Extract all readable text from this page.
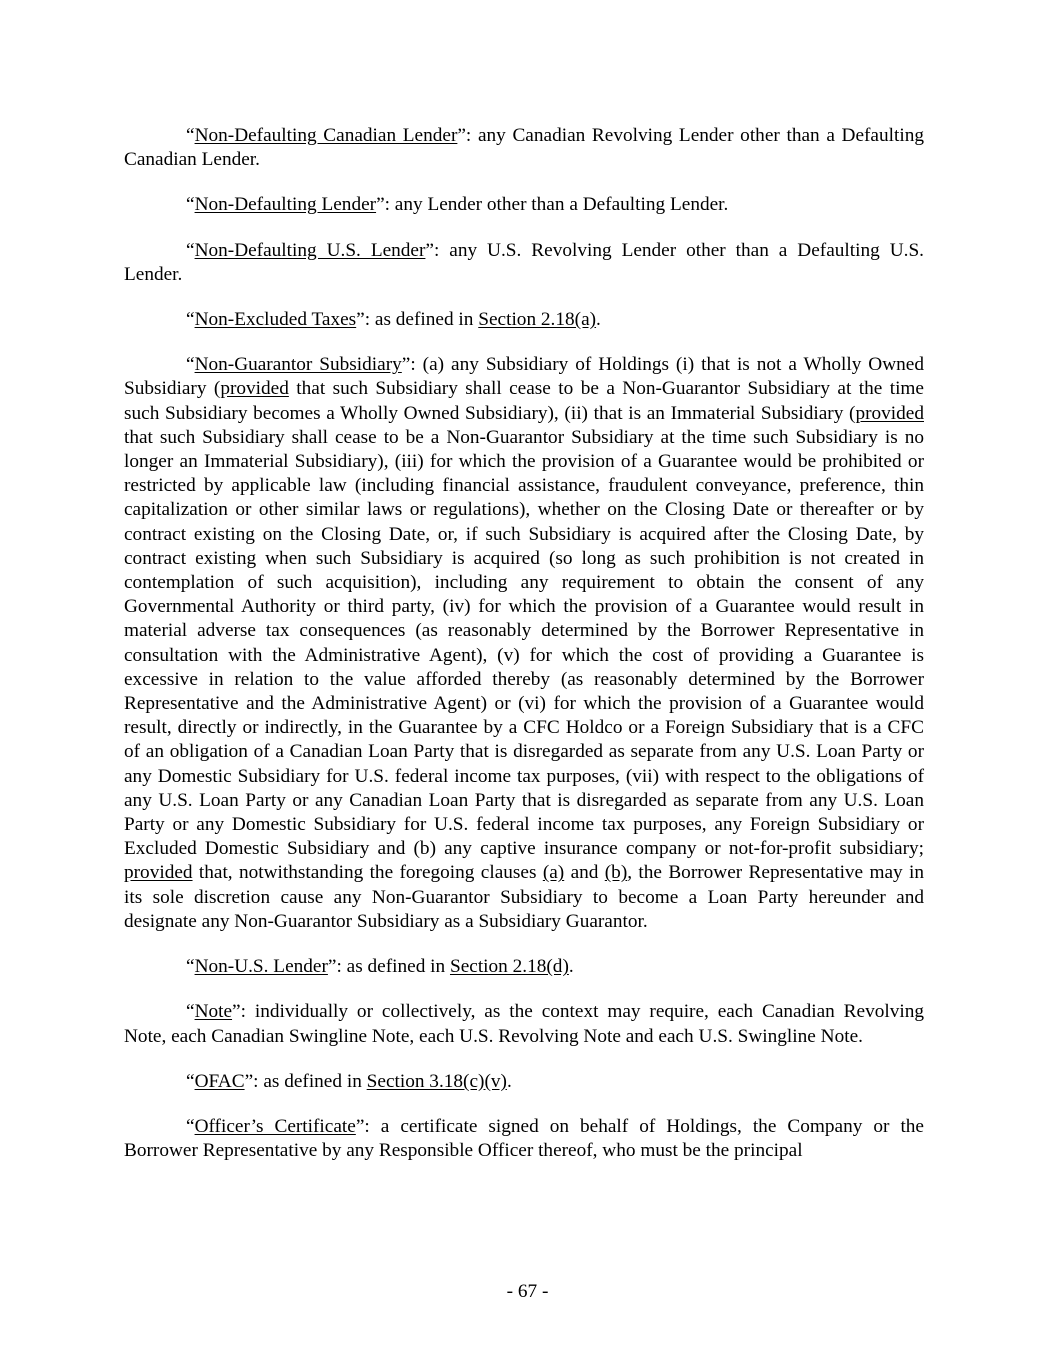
“Non-Defaulting Canadian Lender”: any Canadian Revolving Lender other than a Defaulting Canadian Lender.

“Non-Defaulting Lender”: any Lender other than a Defaulting Lender.

“Non-Defaulting U.S. Lender”: any U.S. Revolving Lender other than a Defaulting U.S. Lender.

“Non-Excluded Taxes”: as defined in Section 2.18(a).

“Non-Guarantor Subsidiary”: (a) any Subsidiary of Holdings (i) that is not a Wholly Owned Subsidiary (provided that such Subsidiary shall cease to be a Non-Guarantor Subsidiary at the time such Subsidiary becomes a Wholly Owned Subsidiary), (ii) that is an Immaterial Subsidiary (provided that such Subsidiary shall cease to be a Non-Guarantor Subsidiary at the time such Subsidiary is no longer an Immaterial Subsidiary), (iii) for which the provision of a Guarantee would be prohibited or restricted by applicable law (including financial assistance, fraudulent conveyance, preference, thin capitalization or other similar laws or regulations), whether on the Closing Date or thereafter or by contract existing on the Closing Date, or, if such Subsidiary is acquired after the Closing Date, by contract existing when such Subsidiary is acquired (so long as such prohibition is not created in contemplation of such acquisition), including any requirement to obtain the consent of any Governmental Authority or third party, (iv) for which the provision of a Guarantee would result in material adverse tax consequences (as reasonably determined by the Borrower Representative in consultation with the Administrative Agent), (v) for which the cost of providing a Guarantee is excessive in relation to the value afforded thereby (as reasonably determined by the Borrower Representative and the Administrative Agent) or (vi) for which the provision of a Guarantee would result, directly or indirectly, in the Guarantee by a CFC Holdco or a Foreign Subsidiary that is a CFC of an obligation of a Canadian Loan Party that is disregarded as separate from any U.S. Loan Party or any Domestic Subsidiary for U.S. federal income tax purposes, (vii) with respect to the obligations of any U.S. Loan Party or any Canadian Loan Party that is disregarded as separate from any U.S. Loan Party or any Domestic Subsidiary for U.S. federal income tax purposes, any Foreign Subsidiary or Excluded Domestic Subsidiary and (b) any captive insurance company or not-for-profit subsidiary; provided that, notwithstanding the foregoing clauses (a) and (b), the Borrower Representative may in its sole discretion cause any Non-Guarantor Subsidiary to become a Loan Party hereunder and designate any Non-Guarantor Subsidiary as a Subsidiary Guarantor.

“Non-U.S. Lender”: as defined in Section 2.18(d).

“Note”: individually or collectively, as the context may require, each Canadian Revolving Note, each Canadian Swingline Note, each U.S. Revolving Note and each U.S. Swingline Note.

“OFAC”: as defined in Section 3.18(c)(v).

“Officer’s Certificate”: a certificate signed on behalf of Holdings, the Company or the Borrower Representative by any Responsible Officer thereof, who must be the principal

- 67 -
